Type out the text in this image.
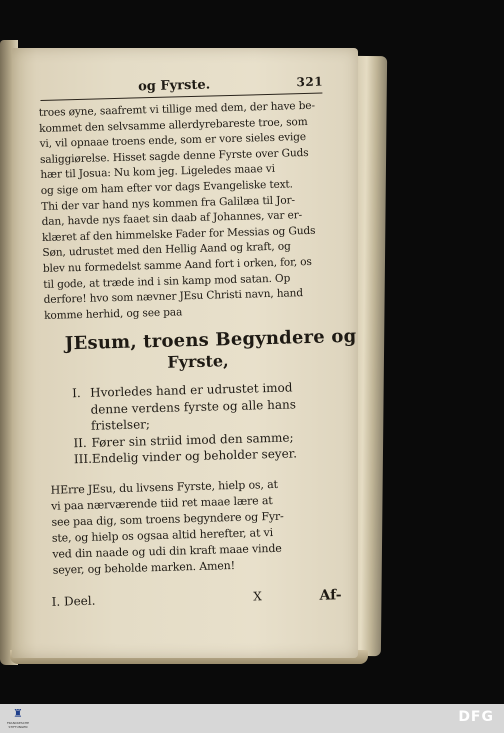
og Fyrste.	321
troes øyne, saafremt vi tillige med dem, der have be-
kommet den selvsamme allerdyrebareste troe, som
vi, vil opnaae troens ende, som er vore sieles evige
saliggiørelse. Hisset sagde denne Fyrste over Guds
hær til Josua: Nu kom jeg. Ligeledes maae vi
og sige om ham efter vor dags Evangeliske text.
Thi der var hand nys kommen fra Galilæa til Jor-
dan, havde nys faaet sin daab af Johannes, var er-
klæret af den himmelske Fader for Messias og Guds
Søn, udrustet med den Hellig Aand og kraft, og
blev nu formedelst samme Aand fort i orken, for, os
til gode, at træde ind i sin kamp mod satan. Op
derfore! hvo som nævner JEsu Christi navn, hand
komme herhid, og see paa
JEsum, troens Begyndere og
Fyrste,
I. Hvorledes hand er udrustet imod
denne verdens fyrste og alle hans
fristelser;
II. Fører sin striid imod den samme;
III. Endelig vinder og beholder seyer.
HErre JEsu, du livsens Fyrste, hielp os, at
vi paa nærværende tiid ret maae lære at
see paa dig, som troens begyndere og Fyr-
ste, og hielp os ogsaa altid herefter, at vi
ved din naade og udi din kraft maae vinde
seyer, og beholde marken. Amen!
I. Deel.	X	Af-
♜
FRANCKESCHE STIFTUNGEN
DFG
